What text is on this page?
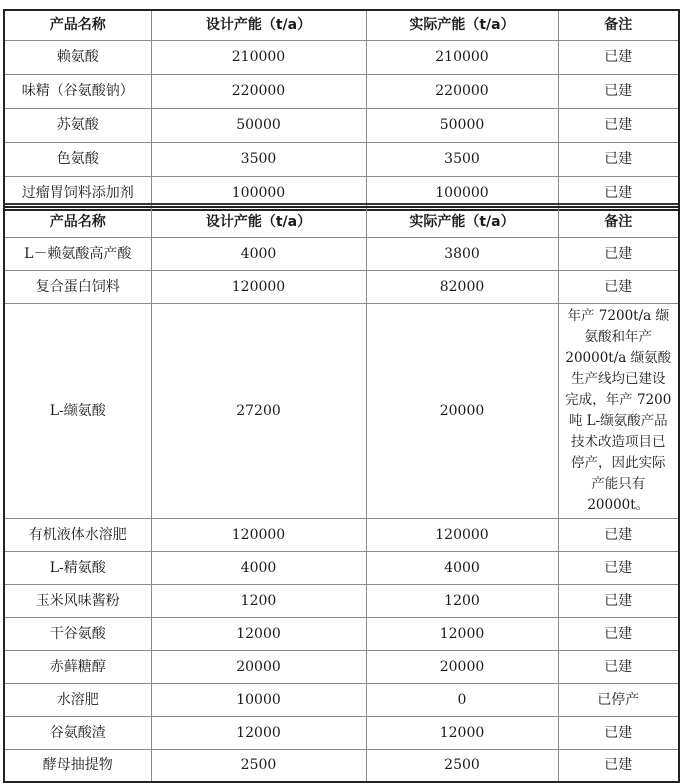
产品名称	设计产能（t/a）	实际产能（t/a）	备注
赖氨酸	210000	210000	已建
味精（谷氨酸钠）	220000	220000	已建
苏氨酸	50000	50000	已建
色氨酸	3500	3500	已建
过瘤胃饲料添加剂	100000	100000	已建
产品名称	设计产能（t/a）	实际产能（t/a）	备注
L－赖氨酸高产酸	4000	3800	已建
复合蛋白饲料	120000	82000	已建
L-缬氨酸	27200	20000	年产 7200t/a 缬氨酸和年产 20000t/a 缬氨酸生产线均已建设完成，年产 7200 吨 L-缬氨酸产品技术改造项目已停产，因此实际产能只有 20000t。
有机液体水溶肥	120000	120000	已建
L-精氨酸	4000	4000	已建
玉米风味酱粉	1200	1200	已建
干谷氨酸	12000	12000	已建
赤藓糖醇	20000	20000	已建
水溶肥	10000	0	已停产
谷氨酸渣	12000	12000	已建
酵母抽提物	2500	2500	已建
